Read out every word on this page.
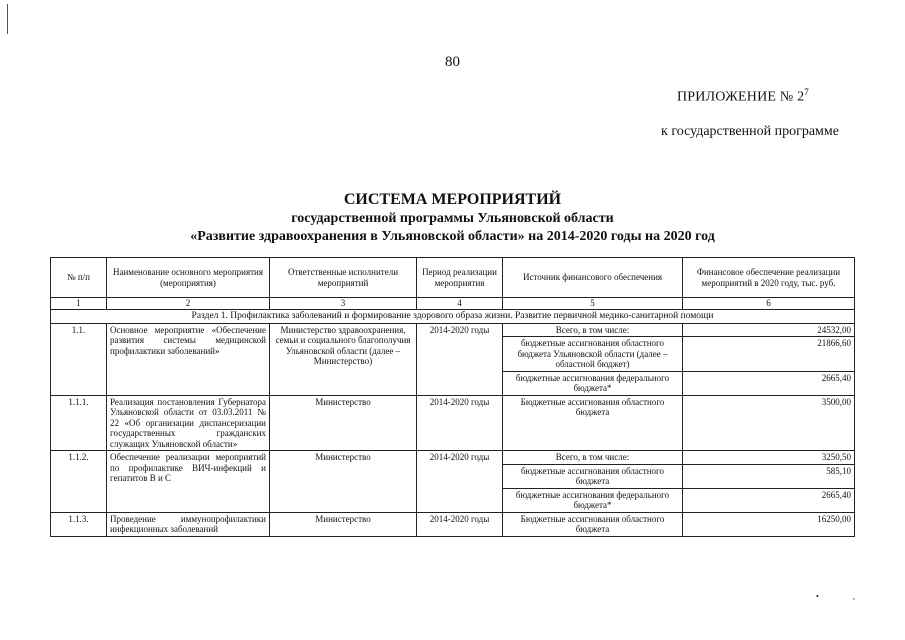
80
ПРИЛОЖЕНИЕ № $2^7$
к государственной программе
СИСТЕМА МЕРОПРИЯТИЙ
государственной программы Ульяновской области
«Развитие здравоохранения в Ульяновской области» на 2014-2020 годы на 2020 год
№ п/п	Наименование основного мероприятия (мероприятия)	Ответственные исполнители мероприятий	Период реализации мероприятия	Источник финансового обеспечения	Финансовое обеспечение реализации мероприятий в 2020 году, тыс. руб.
1	2	3	4	5	6
Раздел 1. Профилактика заболеваний и формирование здорового образа жизни. Развитие первичной медико-санитарной помощи					
1.1.	Основное мероприятие «Обеспечение развития системы медицинской профилактики заболеваний»	Министерство здравоохранения, семьи и социального благополучия Ульяновской области (далее – Министерство)	2014-2020 годы	Всего, в том числе:	24532,00
				бюджетные ассигнования областного бюджета Ульяновской области (далее – областной бюджет)	21866,60
				бюджетные ассигнования федерального бюджета*	2665,40
1.1.1.	Реализация постановления Губернатора Ульяновской области от 03.03.2011 № 22 «Об организации диспансеризации государственных гражданских служащих Ульяновской области»	Министерство	2014-2020 годы	Бюджетные ассигнования областного бюджета	3500,00
1.1.2.	Обеспечение реализации мероприятий по профилактике ВИЧ-инфекций и гепатитов В и С	Министерство	2014-2020 годы	Всего, в том числе:	3250,50
				бюджетные ассигнования областного бюджета	585,10
				бюджетные ассигнования федерального бюджета*	2665,40
1.1.3.	Проведение иммунопрофилактики инфекционных заболеваний	Министерство	2014-2020 годы	Бюджетные ассигнования областного бюджета	16250,00
•	,
